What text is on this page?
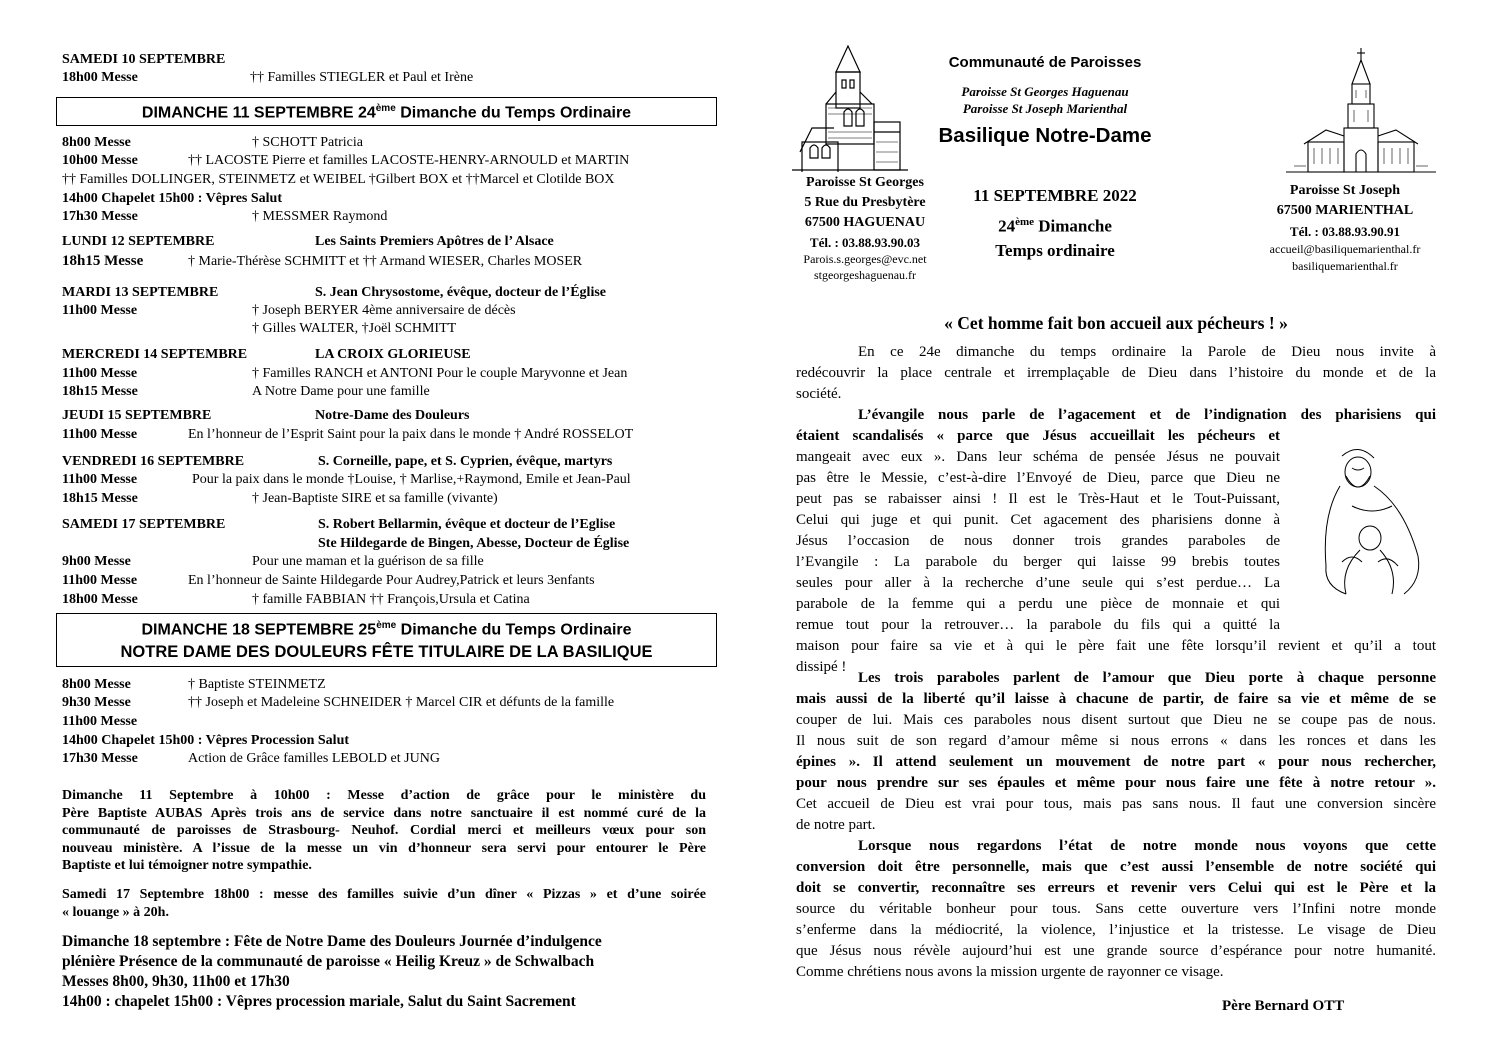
SAMEDI 10 SEPTEMBRE
18h00 Messe	†† Familles STIEGLER et Paul et Irène
DIMANCHE 11 SEPTEMBRE 24ème Dimanche du Temps Ordinaire
8h00 Messe	† SCHOTT Patricia
10h00 Messe	†† LACOSTE Pierre et familles LACOSTE-HENRY-ARNOULD et MARTIN
†† Familles DOLLINGER, STEINMETZ et WEIBEL †Gilbert BOX et ††Marcel et Clotilde BOX
14h00 Chapelet 15h00 : Vêpres Salut
17h30 Messe	† MESSMER Raymond
LUNDI 12 SEPTEMBRE	Les Saints Premiers Apôtres de l’ Alsace
18h15 Messe	† Marie-Thérèse SCHMITT et †† Armand WIESER, Charles MOSER
MARDI 13 SEPTEMBRE	S. Jean Chrysostome, évêque, docteur de l’Église
11h00 Messe	† Joseph BERYER 4ème anniversaire de décès
† Gilles WALTER, †Joël SCHMITT
MERCREDI 14 SEPTEMBRE	LA CROIX GLORIEUSE
11h00 Messe	† Familles RANCH et ANTONI Pour le couple Maryvonne et Jean
18h15 Messe	A Notre Dame pour une famille
JEUDI 15 SEPTEMBRE	Notre-Dame des Douleurs
11h00 Messe	En l’honneur de l’Esprit Saint pour la paix dans le monde † André ROSSELOT
VENDREDI 16 SEPTEMBRE	S. Corneille, pape, et S. Cyprien, évêque, martyrs
11h00 Messe	Pour la paix dans le monde †Louise, † Marlise,+Raymond, Emile et Jean-Paul
18h15 Messe	† Jean-Baptiste SIRE et sa famille (vivante)
SAMEDI 17 SEPTEMBRE	S. Robert Bellarmin, évêque et docteur de l’Eglise
Ste Hildegarde de Bingen, Abesse, Docteur de Église
9h00 Messe	Pour une maman et la guérison de sa fille
11h00 Messe	En l’honneur de Sainte Hildegarde Pour Audrey,Patrick et leurs 3enfants
18h00 Messe	† famille FABBIAN †† François,Ursula et Catina
DIMANCHE 18 SEPTEMBRE 25ème Dimanche du Temps Ordinaire
NOTRE DAME DES DOULEURS FÊTE TITULAIRE DE LA BASILIQUE
8h00 Messe	† Baptiste STEINMETZ
9h30 Messe	†† Joseph et Madeleine SCHNEIDER † Marcel CIR et défunts de la famille
11h00 Messe
14h00 Chapelet 15h00 : Vêpres Procession Salut
17h30 Messe	Action de Grâce familles LEBOLD et JUNG
Dimanche 11 Septembre à 10h00 : Messe d’action de grâce pour le ministère du
Père Baptiste AUBAS Après trois ans de service dans notre sanctuaire il est nommé curé de la
communauté de paroisses de Strasbourg- Neuhof. Cordial merci et meilleurs vœux pour son
nouveau ministère. A l’issue de la messe un vin d’honneur sera servi pour entourer le Père
Baptiste et lui témoigner notre sympathie.
Samedi 17 Septembre 18h00 : messe des familles suivie d’un dîner « Pizzas » et d’une soirée
« louange » à 20h.
Dimanche 18 septembre : Fête de Notre Dame des Douleurs Journée d’indulgence
plénière Présence de la communauté de paroisse « Heilig Kreuz » de Schwalbach
Messes 8h00, 9h30, 11h00 et 17h30
14h00 : chapelet 15h00 : Vêpres procession mariale, Salut du Saint Sacrement
Communauté de Paroisses
Paroisse St Georges Haguenau
Paroisse St Joseph Marienthal
Basilique Notre-Dame
Paroisse St Georges
5 Rue du Presbytère
67500 HAGUENAU
Tél. : 03.88.93.90.03
Parois.s.georges@evc.net
stgeorgeshaguenau.fr
11 SEPTEMBRE 2022
24ème Dimanche
Temps ordinaire
Paroisse St Joseph
67500 MARIENTHAL
Tél. : 03.88.93.90.91
accueil@basiliquemarienthal.fr
basiliquemarienthal.fr
« Cet homme fait bon accueil aux pécheurs ! »
En ce 24e dimanche du temps ordinaire la Parole de Dieu nous invite à
redécouvrir la place centrale et irremplaçable de Dieu dans l’histoire du monde et de la
société.
L’évangile nous parle de l’agacement et de l’indignation des pharisiens qui
étaient scandalisés « parce que Jésus accueillait les pécheurs et
mangeait avec eux ». Dans leur schéma de pensée Jésus ne pouvait
pas être le Messie, c’est-à-dire l’Envoyé de Dieu, parce que Dieu ne
peut pas se rabaisser ainsi ! Il est le Très-Haut et le Tout-Puissant,
Celui qui juge et qui punit. Cet agacement des pharisiens donne à
Jésus l’occasion de nous donner trois grandes paraboles de
l’Evangile : La parabole du berger qui laisse 99 brebis toutes
seules pour aller à la recherche d’une seule qui s’est perdue… La
parabole de la femme qui a perdu une pièce de monnaie et qui
remue tout pour la retrouver… la parabole du fils qui a quitté la

maison pour faire sa vie et à qui le père fait une fête lorsqu’il revient et qu’il a tout
dissipé !
Les trois paraboles parlent de l’amour que Dieu porte à chaque personne
mais aussi de la liberté qu’il laisse à chacune de partir, de faire sa vie et même de se
couper de lui. Mais ces paraboles nous disent surtout que Dieu ne se coupe pas de nous.
Il nous suit de son regard d’amour même si nous errons « dans les ronces et dans les
épines ». Il attend seulement un mouvement de notre part « pour nous rechercher,
pour nous prendre sur ses épaules et même pour nous faire une fête à notre retour ».
Cet accueil de Dieu est vrai pour tous, mais pas sans nous. Il faut une conversion sincère
de notre part.
Lorsque nous regardons l’état de notre monde nous voyons que cette
conversion doit être personnelle, mais que c’est aussi l’ensemble de notre société qui
doit se convertir, reconnaître ses erreurs et revenir vers Celui qui est le Père et la
source du véritable bonheur pour tous. Sans cette ouverture vers l’Infini notre monde
s’enferme dans la médiocrité, la violence, l’injustice et la tristesse. Le visage de Dieu
que Jésus nous révèle aujourd’hui est une grande source d’espérance pour notre humanité.
Comme chrétiens nous avons la mission urgente de rayonner ce visage.
Père Bernard OTT
